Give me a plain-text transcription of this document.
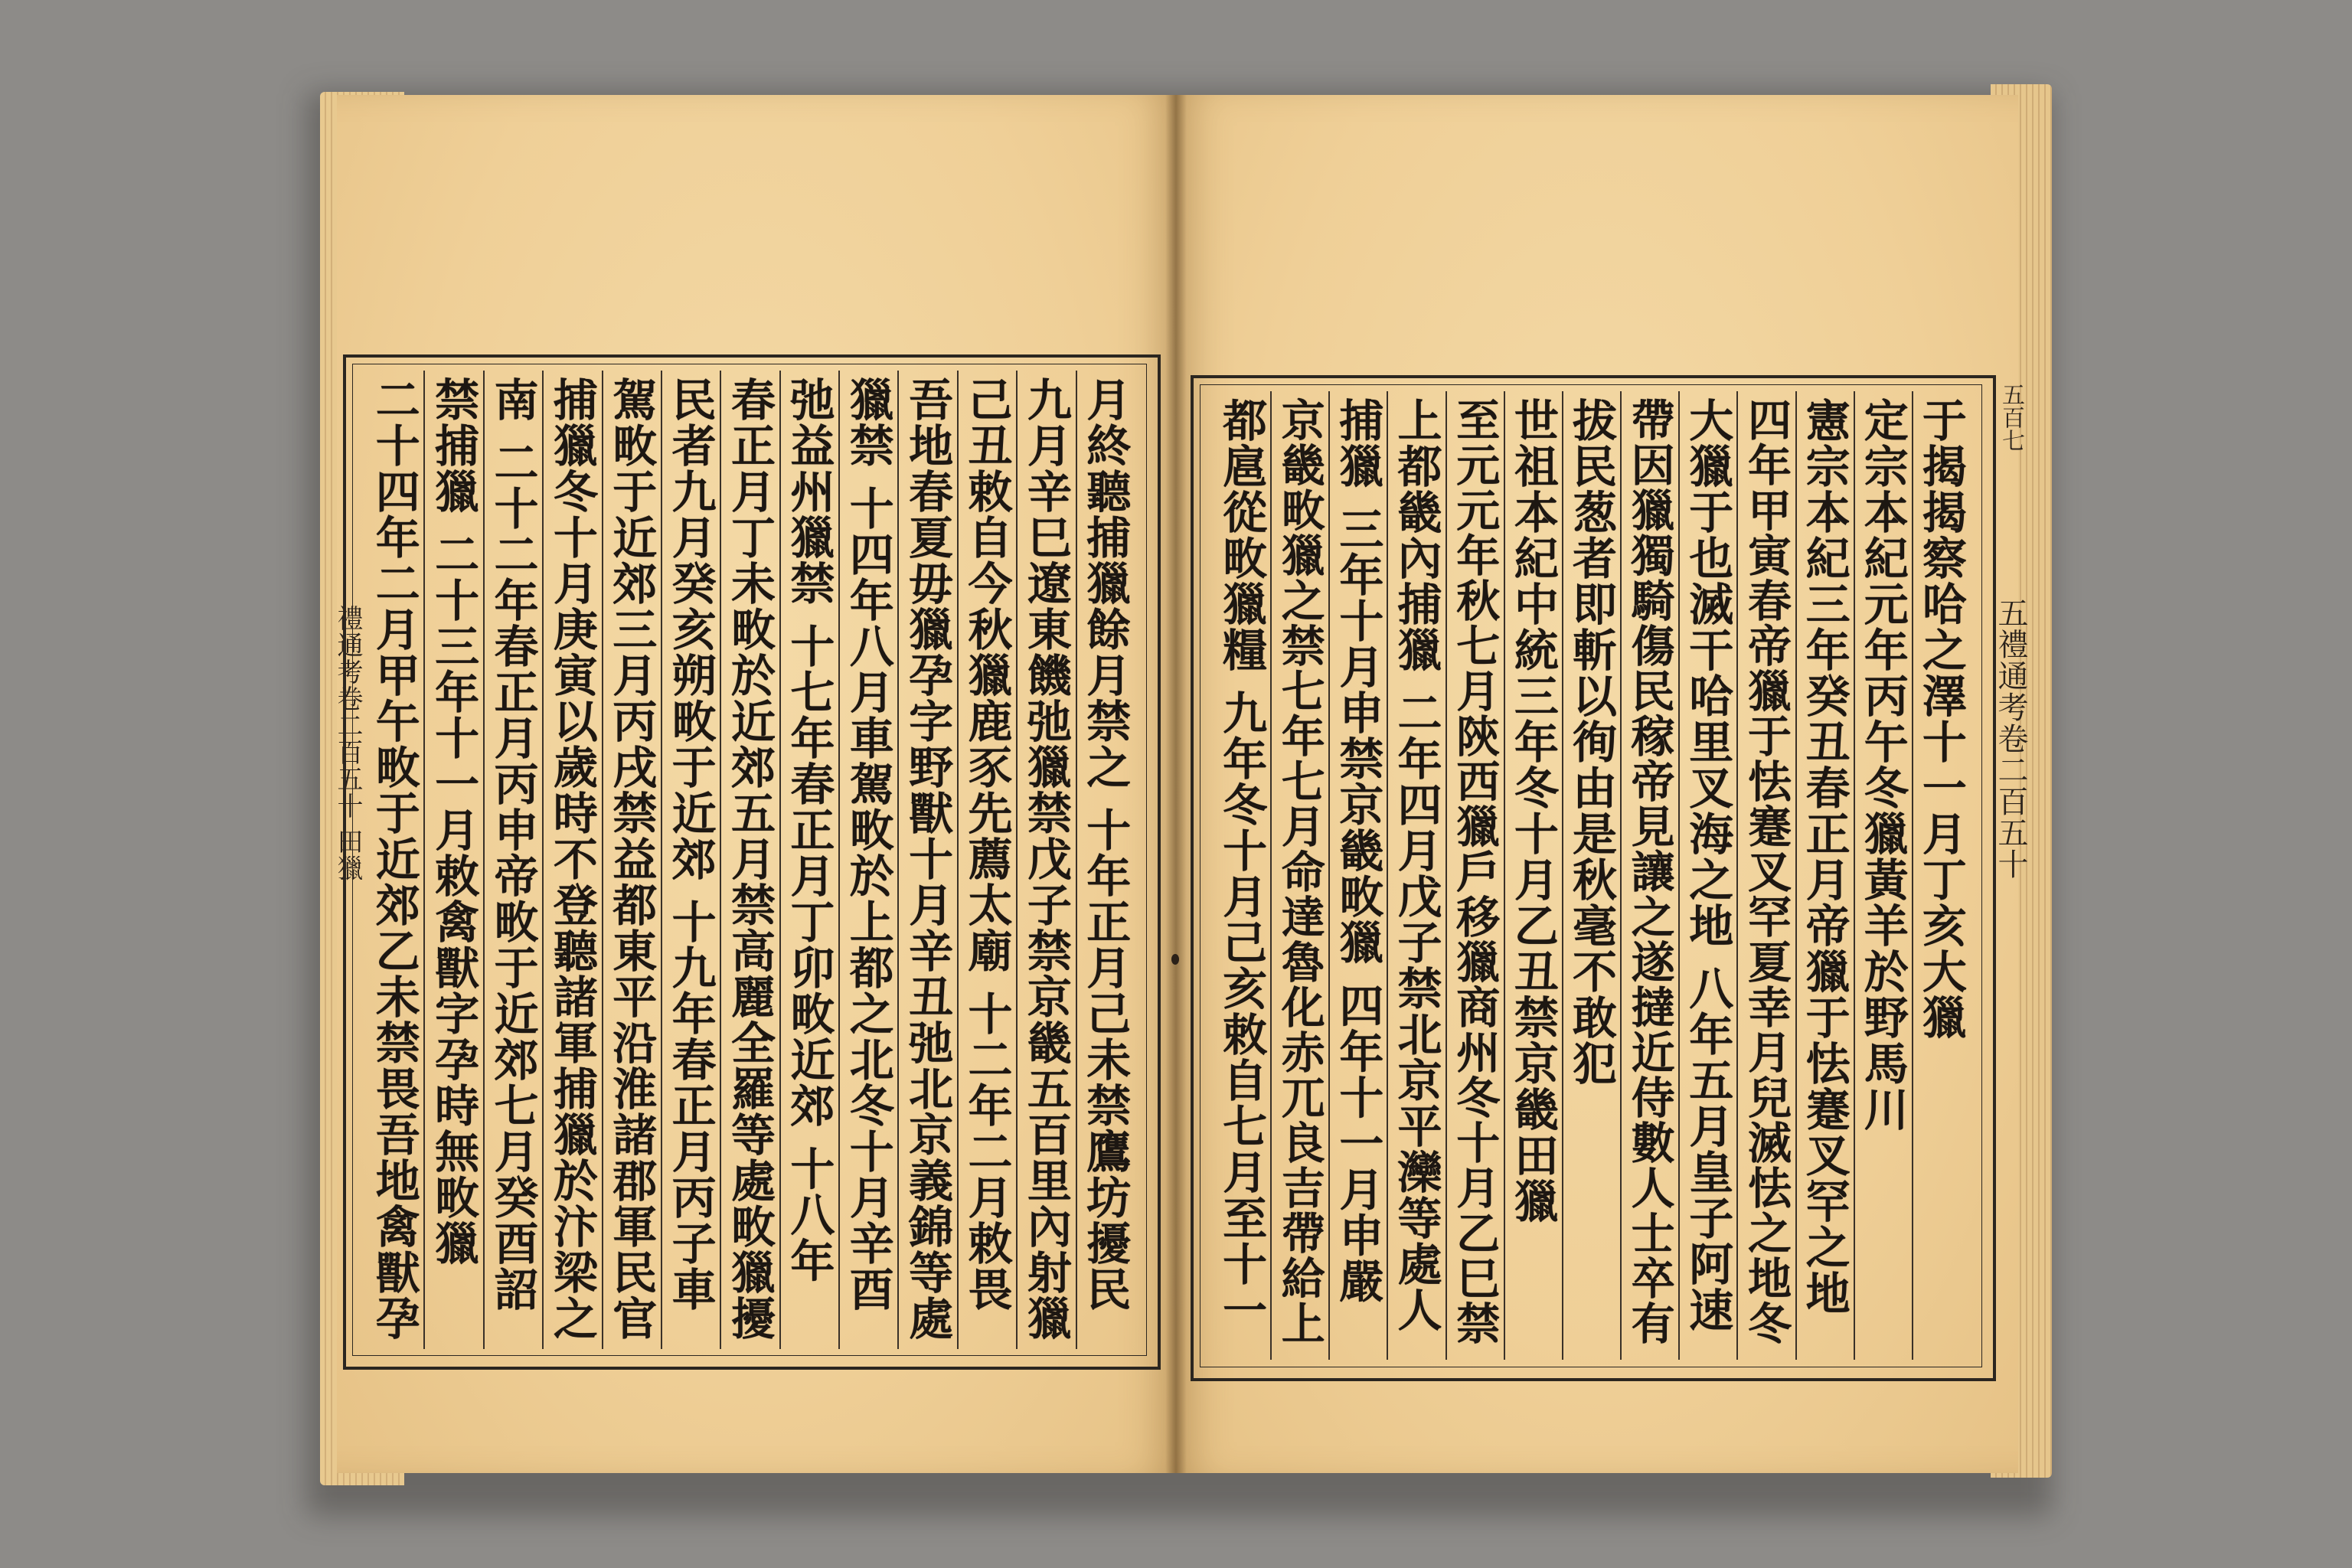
月終聽捕獵餘月禁之 十年正月己未禁鷹坊擾民
九月辛巳遼東饑弛獵禁戊子禁京畿五百里內射獵
己丑敕自今秋獵鹿豕先薦太廟 十二年二月敕畏
吾地春夏毋獵孕字野獸十月辛丑弛北京義錦等處
獵禁 十四年八月車駕畋於上都之北冬十月辛酉
弛益州獵禁 十七年春正月丁卯畋近郊 十八年
春正月丁未畋於近郊五月禁高麗全羅等處畋獵擾
民者九月癸亥朔畋于近郊 十九年春正月丙子車
駕畋于近郊三月丙戌禁益都東平沿淮諸郡軍民官
捕獵冬十月庚寅以歲時不登聽諸軍捕獵於汴梁之
南 二十二年春正月丙申帝畋于近郊七月癸酉詔
禁捕獵 二十三年十一月敕禽獸字孕時無畋獵
二十四年二月甲午畋于近郊乙未禁畏吾地禽獸孕	于揭揭察哈之澤十一月丁亥大獵
定宗本紀元年丙午冬獵黃羊於野馬川
憲宗本紀三年癸丑春正月帝獵于怯蹇叉罕之地
四年甲寅春帝獵于怯蹇叉罕夏幸月兒滅怯之地冬
大獵于也滅干哈里叉海之地 八年五月皇子阿速
帶因獵獨騎傷民稼帝見讓之遂撻近侍數人士卒有
拔民葱者即斬以徇由是秋毫不敢犯
世祖本紀中統三年冬十月乙丑禁京畿田獵
至元元年秋七月陝西獵戶移獵商州冬十月乙巳禁
上都畿內捕獵 二年四月戊子禁北京平灤等處人
捕獵 三年十月申禁京畿畋獵 四年十一月申嚴
京畿畋獵之禁七年七月命達魯化赤兀良吉帶給上
都扈從畋獵糧 九年冬十月己亥敕自七月至十一
禮通考卷二百五十 田獵	五禮通考卷二百五十
五百七
